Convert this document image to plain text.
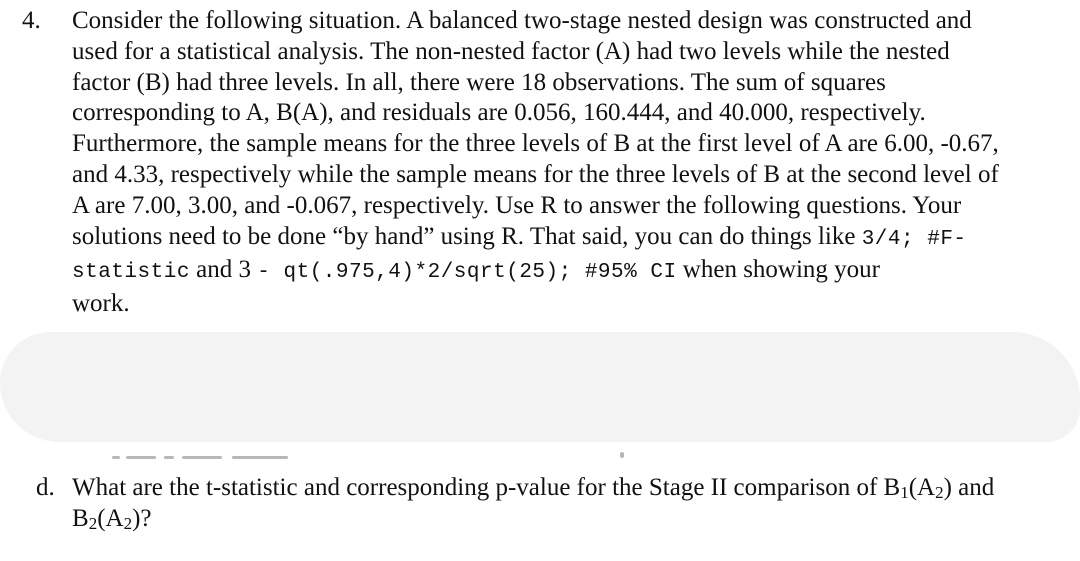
4.	Consider the following situation. A balanced two-stage nested design was constructed and
used for a statistical analysis. The non-nested factor (A) had two levels while the nested
factor (B) had three levels. In all, there were 18 observations. The sum of squares
corresponding to A, B(A), and residuals are 0.056, 160.444, and 40.000, respectively.
Furthermore, the sample means for the three levels of B at the first level of A are 6.00, -0.67,
and 4.33, respectively while the sample means for the three levels of B at the second level of
A are 7.00, 3.00, and -0.067, respectively. Use R to answer the following questions. Your
solutions need to be done “by hand” using R. That said, you can do things like 3/4; #F-
statistic and 3 - qt(.975,4)*2/sqrt(25); #95% CI when showing your
work.
d. What are the t-statistic and corresponding p-value for the Stage II comparison of $B_1(A_2)$ and
$B_2(A_2)$?
